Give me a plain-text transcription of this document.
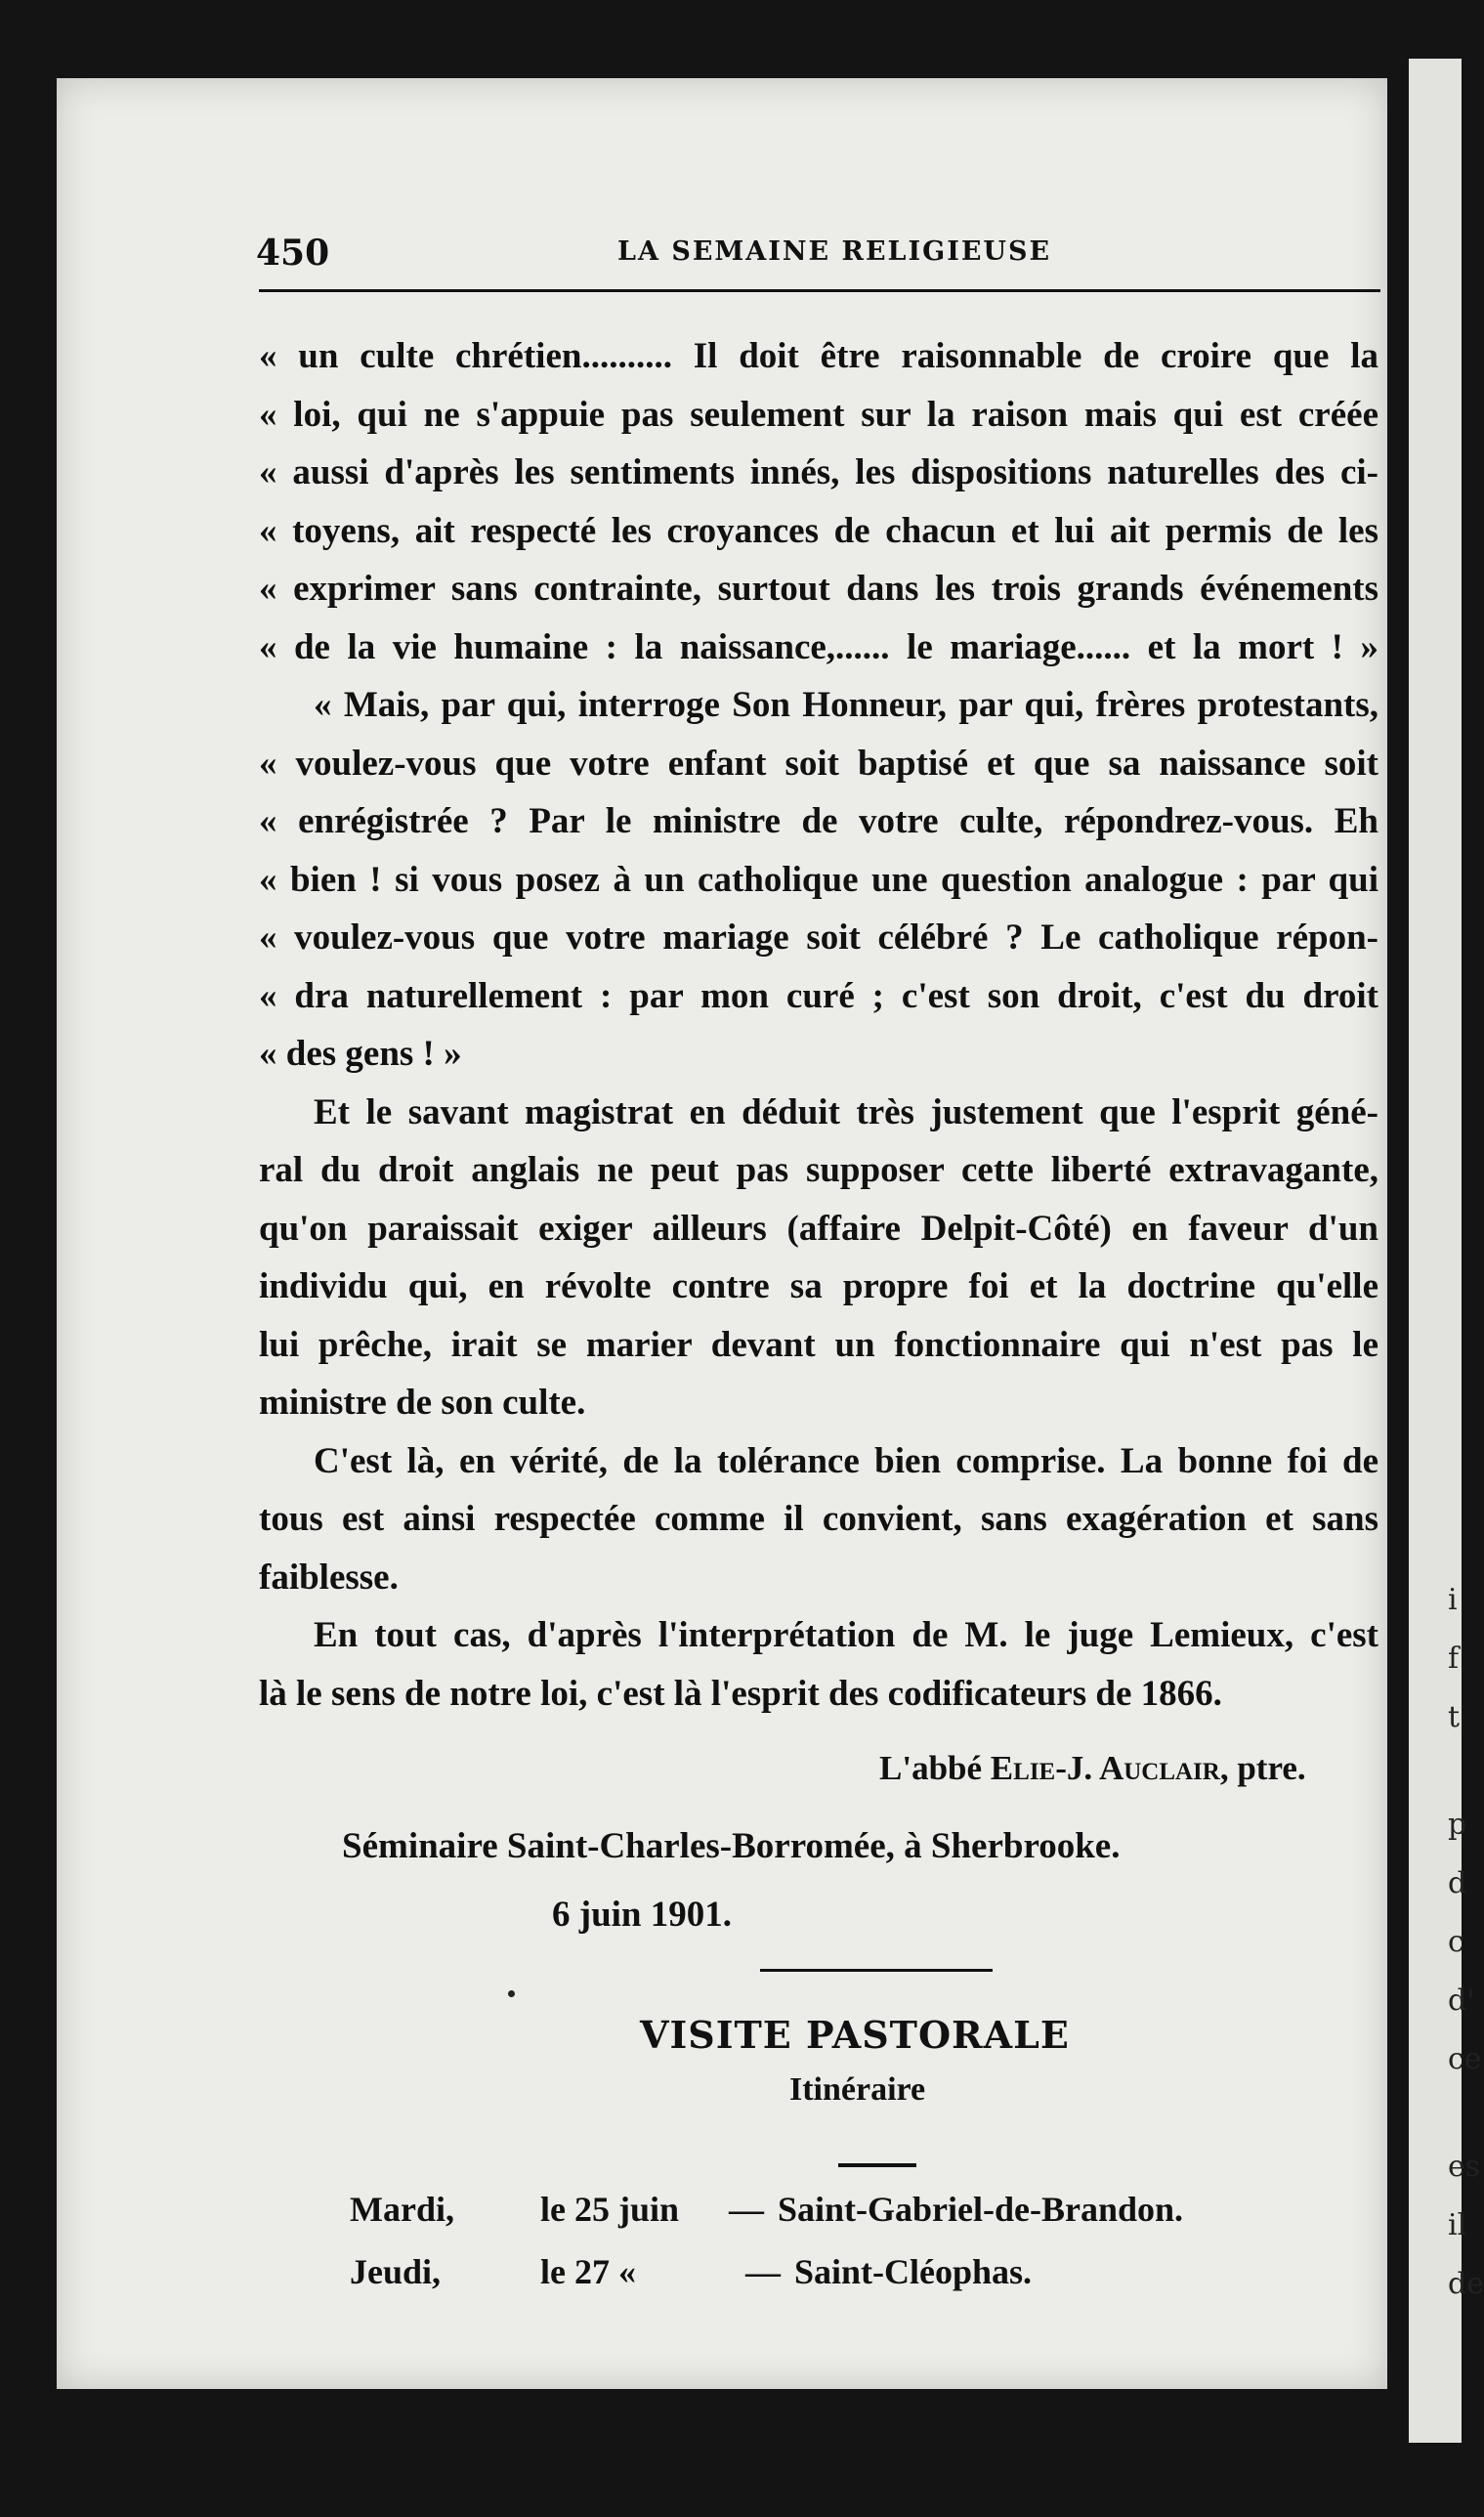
i
f
t
p
d
c
d'
ce
es
il
de
450	LA SEMAINE RELIGIEUSE
« un culte chrétien.......... Il doit être raisonnable de croire que la
« loi, qui ne s'appuie pas seulement sur la raison mais qui est créée
« aussi d'après les sentiments innés, les dispositions naturelles des ci-
« toyens, ait respecté les croyances de chacun et lui ait permis de les
« exprimer sans contrainte, surtout dans les trois grands événements
« de la vie humaine : la naissance,...... le mariage...... et la mort ! »
« Mais, par qui, interroge Son Honneur, par qui, frères protestants,
« voulez-vous que votre enfant soit baptisé et que sa naissance soit
« enrégistrée ? Par le ministre de votre culte, répondrez-vous. Eh
« bien ! si vous posez à un catholique une question analogue : par qui
« voulez-vous que votre mariage soit célébré ? Le catholique répon-
« dra naturellement : par mon curé ; c'est son droit, c'est du droit
« des gens ! »
Et le savant magistrat en déduit très justement que l'esprit géné-
ral du droit anglais ne peut pas supposer cette liberté extravagante,
qu'on paraissait exiger ailleurs (affaire Delpit-Côté) en faveur d'un
individu qui, en révolte contre sa propre foi et la doctrine qu'elle
lui prêche, irait se marier devant un fonctionnaire qui n'est pas le
ministre de son culte.
C'est là, en vérité, de la tolérance bien comprise. La bonne foi de
tous est ainsi respectée comme il convient, sans exagération et sans
faiblesse.
En tout cas, d'après l'interprétation de M. le juge Lemieux, c'est
là le sens de notre loi, c'est là l'esprit des codificateurs de 1866.
L'abbé Elie-J. Auclair, ptre.
Séminaire Saint-Charles-Borromée, à Sherbrooke.
6 juin 1901.
VISITE PASTORALE
Itinéraire
Mardi, le 25 juin — Saint-Gabriel-de-Brandon.
Jeudi,	le 27 «	— Saint-Cléophas.
